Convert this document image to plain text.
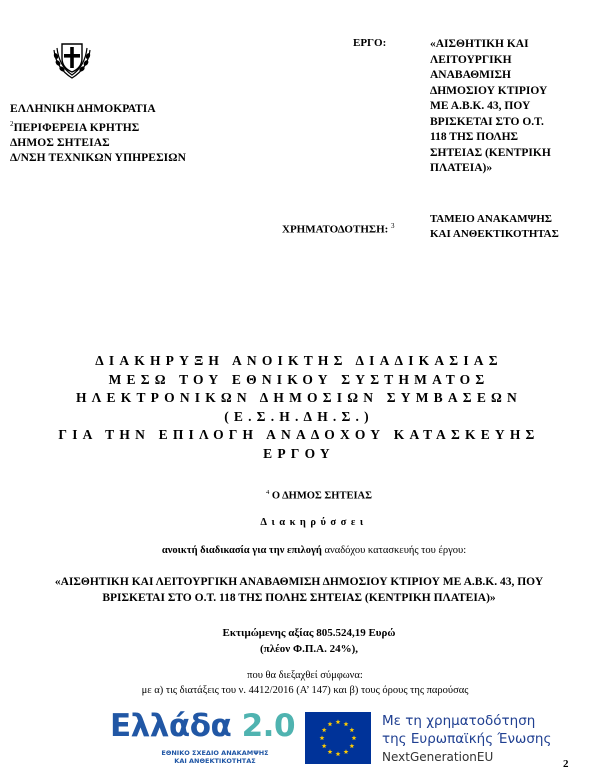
ΕΛΛΗΝΙΚΗ ΔΗΜΟΚΡΑΤΙΑ
$^2$ΠΕΡΙΦΕΡΕΙΑ ΚΡΗΤΗΣ
ΔΗΜΟΣ ΣΗΤΕΙΑΣ
Δ/ΝΣΗ ΤΕΧΝΙΚΩΝ ΥΠΗΡΕΣΙΩΝ
ΕΡΓΟ:	«ΑΙΣΘΗΤΙΚΗ ΚΑΙ
ΛΕΙΤΟΥΡΓΙΚΗ
ΑΝΑΒΑΘΜΙΣΗ
ΔΗΜΟΣΙΟΥ ΚΤΙΡΙΟΥ
ΜΕ Α.Β.Κ. 43, ΠΟΥ
ΒΡΙΣΚΕΤΑΙ ΣΤΟ Ο.Τ.
118 ΤΗΣ ΠΟΛΗΣ
ΣΗΤΕΙΑΣ (ΚΕΝΤΡΙΚΗ
ΠΛΑΤΕΙΑ)»
ΧΡΗΜΑΤΟΔΟΤΗΣΗ: $^3$
ΤΑΜΕΙΟ ΑΝΑΚΑΜΨΗΣ
ΚΑΙ ΑΝΘΕΚΤΙΚΟΤΗΤΑΣ
ΔΙΑΚΗΡΥΞΗ ΑΝΟΙΚΤΗΣ ΔΙΑΔΙΚΑΣΙΑΣ
ΜΕΣΩ ΤΟΥ ΕΘΝΙΚΟΥ ΣΥΣΤΗΜΑΤΟΣ
ΗΛΕΚΤΡΟΝΙΚΩΝ ΔΗΜΟΣΙΩΝ ΣΥΜΒΑΣΕΩΝ
(Ε.Σ.Η.ΔΗ.Σ.)
ΓΙΑ ΤΗΝ ΕΠΙΛΟΓΗ ΑΝΑΔΟΧΟΥ ΚΑΤΑΣΚΕΥΗΣ
ΕΡΓΟΥ
$^4$ Ο ΔΗΜΟΣ ΣΗΤΕΙΑΣ
Διακηρύσσει
ανοικτή διαδικασία για την επιλογή αναδόχου κατασκευής του έργου:
«ΑΙΣΘΗΤΙΚΗ ΚΑΙ ΛΕΙΤΟΥΡΓΙΚΗ ΑΝΑΒΑΘΜΙΣΗ ΔΗΜΟΣΙΟΥ ΚΤΙΡΙΟΥ ΜΕ Α.Β.Κ. 43, ΠΟΥ
ΒΡΙΣΚΕΤΑΙ ΣΤΟ Ο.Τ. 118 ΤΗΣ ΠΟΛΗΣ ΣΗΤΕΙΑΣ (ΚΕΝΤΡΙΚΗ ΠΛΑΤΕΙΑ)»
Εκτιμώμενης αξίας 805.524,19 Ευρώ
(πλέον Φ.Π.Α. 24%),
που θα διεξαχθεί σύμφωνα:
με α) τις διατάξεις του ν. 4412/2016 (Α’ 147) και β) τους όρους της παρούσας
Ελλάδα 2.0
ΕΘΝΙΚΟ ΣΧΕΔΙΟ ΑΝΑΚΑΜΨΗΣ
ΚΑΙ ΑΝΘΕΚΤΙΚΟΤΗΤΑΣ
Με τη χρηματοδότηση
της Ευρωπαϊκής Ένωσης
NextGenerationEU	2
